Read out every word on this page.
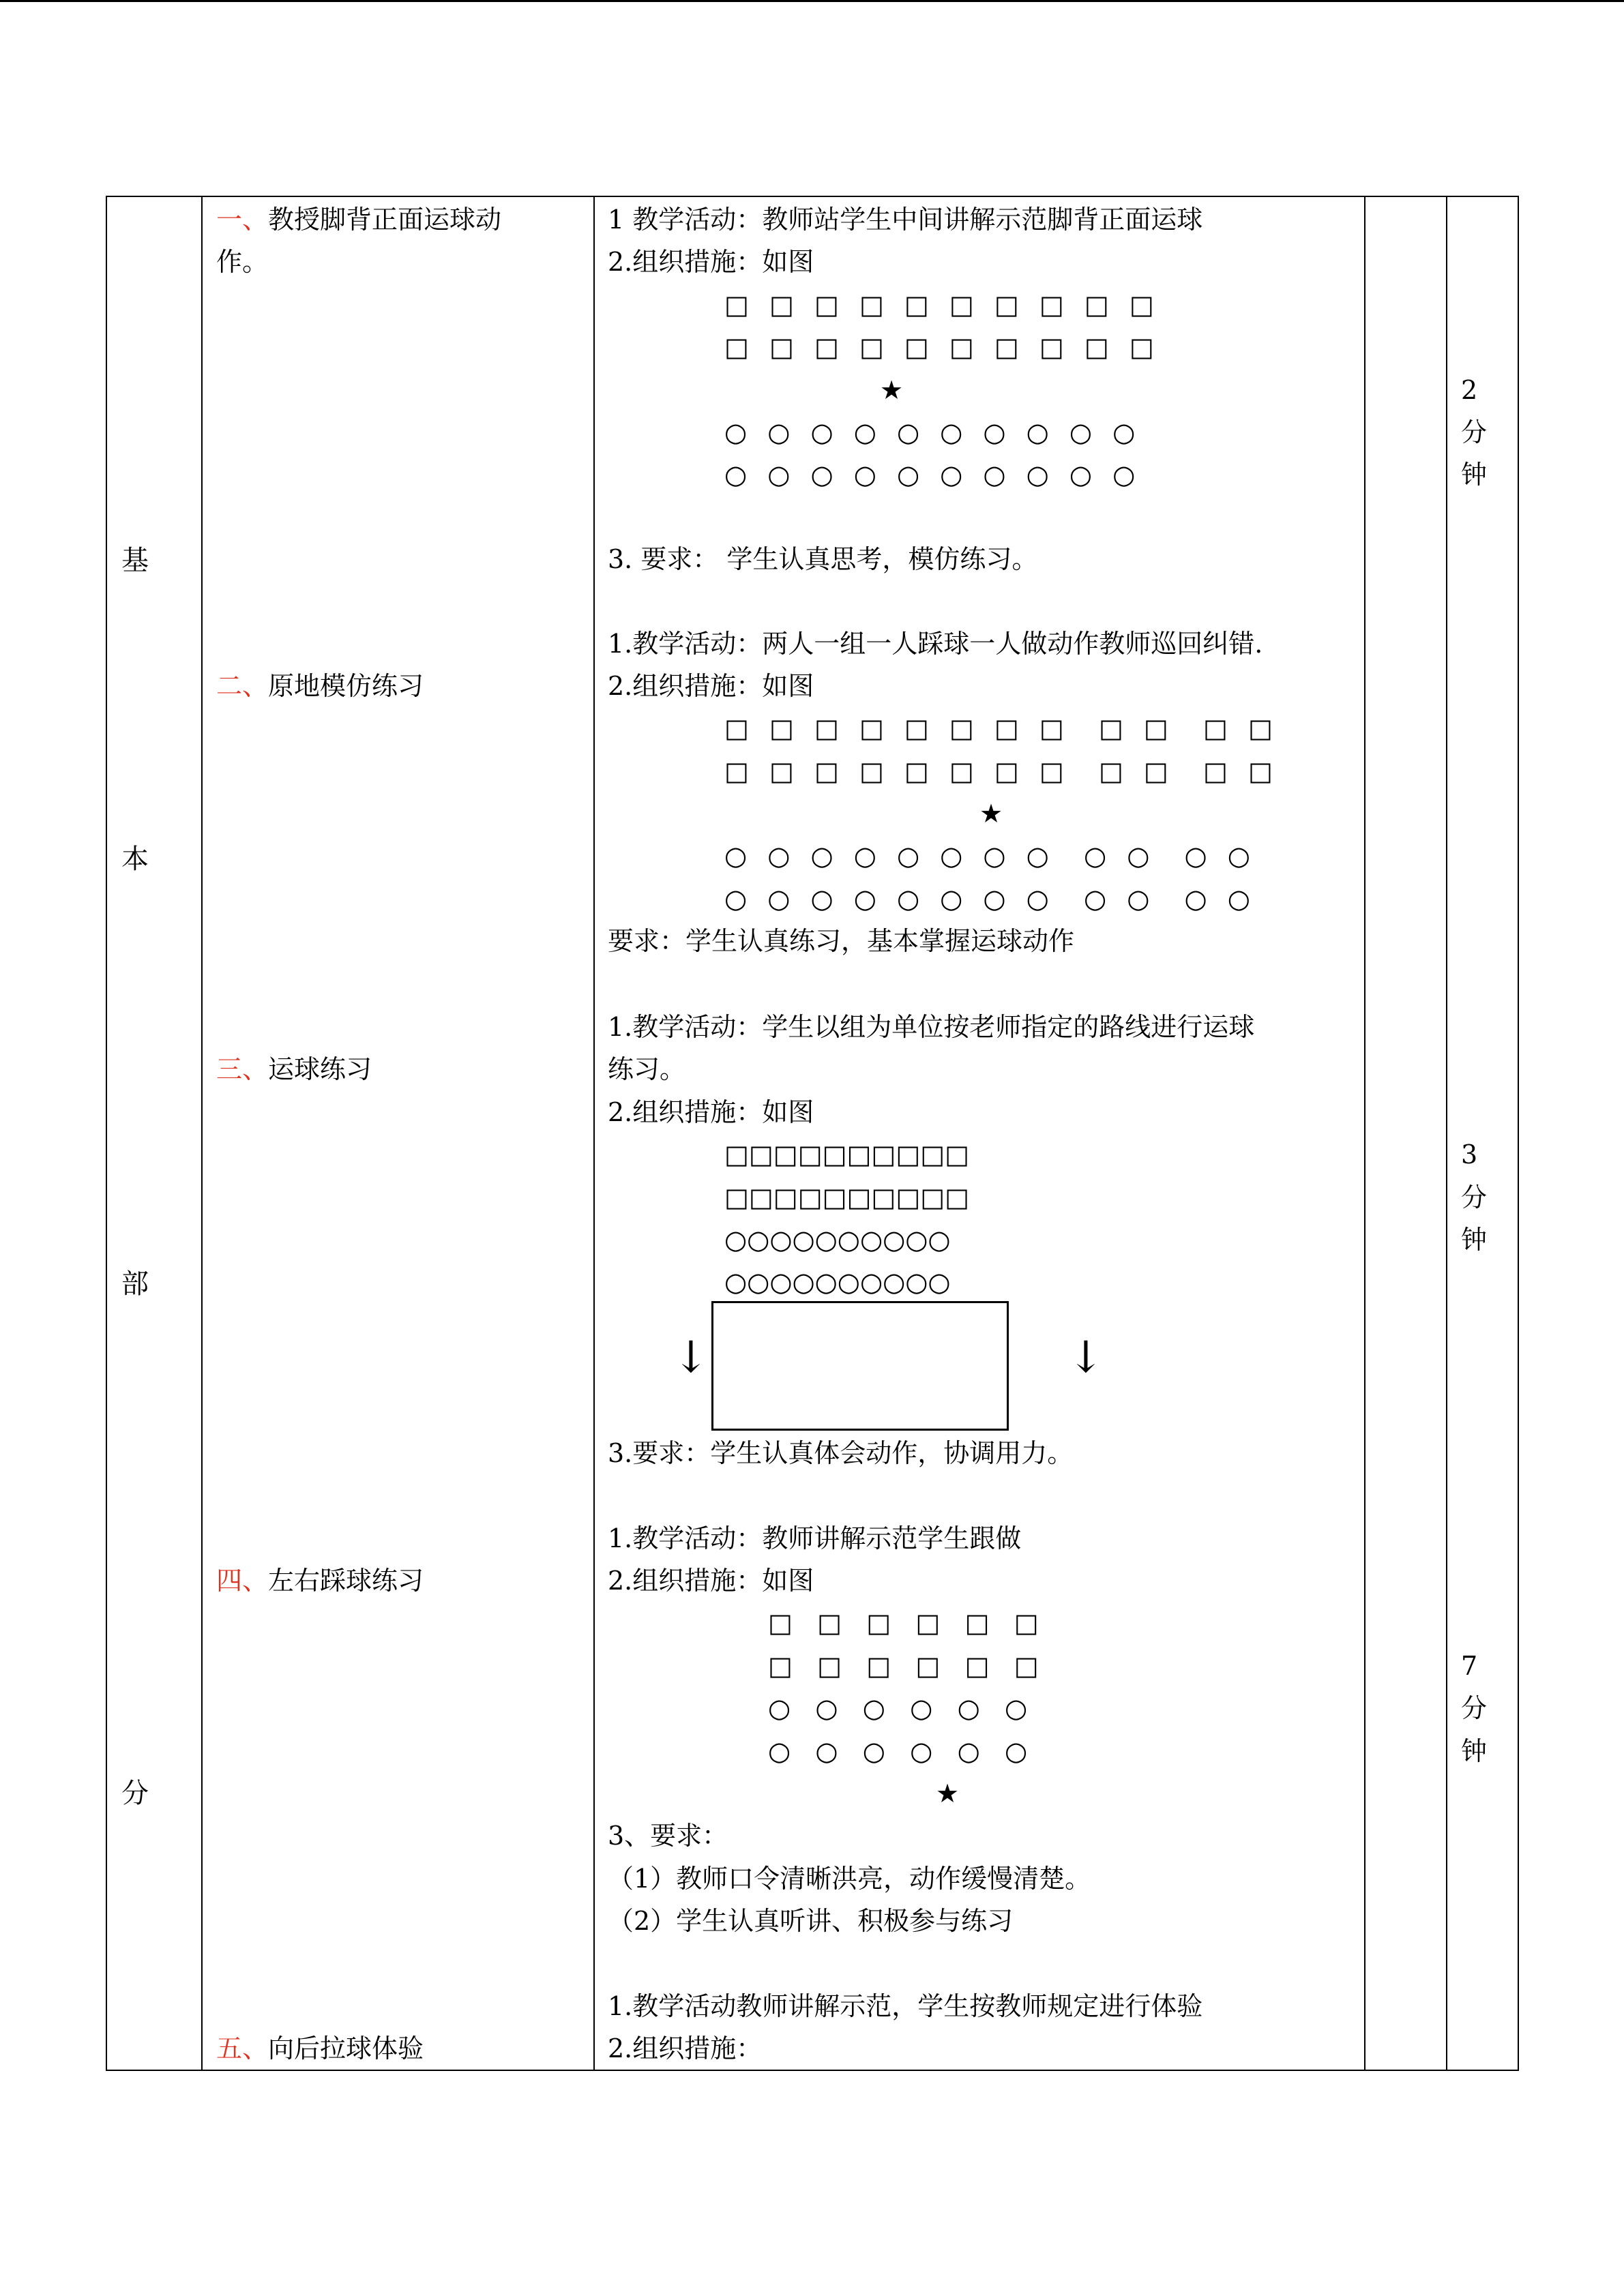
基
本
部
分
一、教授脚背正面运球动
作。
二、原地模仿练习
三、运球练习
四、左右踩球练习
五、向后拉球体验
1 教学活动：教师站学生中间讲解示范脚背正面运球
2.组织措施：如图
□ □ □ □ □ □ □ □ □ □
□ □ □ □ □ □ □ □ □ □
★
○ ○ ○ ○ ○ ○ ○ ○ ○ ○
○ ○ ○ ○ ○ ○ ○ ○ ○ ○
3. 要求： 学生认真思考，模仿练习。
1.教学活动：两人一组一人踩球一人做动作教师巡回纠错.
2.组织措施：如图
□ □ □ □ □ □ □ □  □ □  □ □
□ □ □ □ □ □ □ □  □ □  □ □
★
○ ○ ○ ○ ○ ○ ○ ○  ○ ○  ○ ○
○ ○ ○ ○ ○ ○ ○ ○  ○ ○  ○ ○
要求：学生认真练习，基本掌握运球动作
1.教学活动：学生以组为单位按老师指定的路线进行运球
练习。
2.组织措施：如图
□□□□□□□□□□
□□□□□□□□□□
○○○○○○○○○○
○○○○○○○○○○
↓	↓
3.要求：学生认真体会动作，协调用力。
1.教学活动：教师讲解示范学生跟做
2.组织措施：如图
□   □   □   □   □   □
□   □   □   □   □   □
○   ○   ○   ○   ○   ○
○   ○   ○   ○   ○   ○
★
3、要求：
（1）教师口令清晰洪亮，动作缓慢清楚。
（2）学生认真听讲、积极参与练习
1.教学活动教师讲解示范，学生按教师规定进行体验
2.组织措施：
2
分
钟
3
分
钟
7
分
钟
